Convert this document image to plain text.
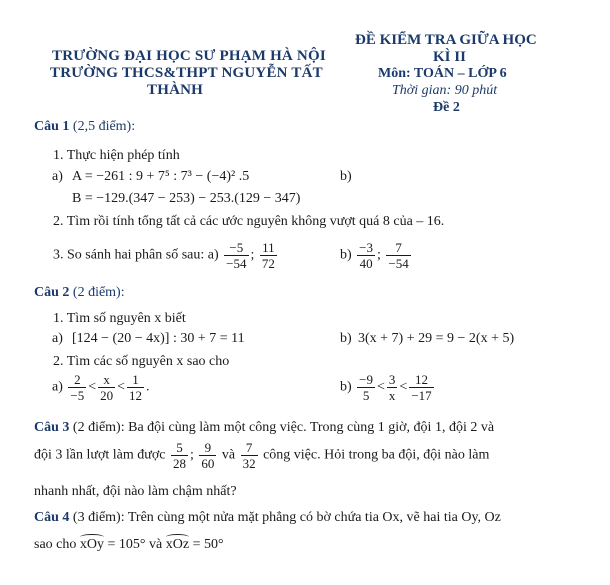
TRƯỜNG ĐẠI HỌC SƯ PHẠM HÀ NỘI
TRƯỜNG THCS&THPT NGUYỄN TẤT
THÀNH
ĐỀ KIỂM TRA GIỮA HỌC
KÌ II
Môn: TOÁN – LỚP 6
Thời gian: 90 phút
Đề 2
Câu 1 (2,5 điểm):
1. Thực hiện phép tính
a) A = −261 : 9 + 7⁵ : 7³ − (−4)² .5	b)
B = −129.(347 − 253) − 253.(129 − 347)
2. Tìm rồi tính tổng tất cả các ước nguyên không vượt quá 8 của – 16.
3. So sánh hai phân số sau: $a) \frac{-5}{-54}$ ; $\frac{11}{72}$	$b) \frac{-3}{40}$ ; $\frac{7}{-54}$
Câu 2 (2 điểm):
1. Tìm số nguyên x biết
a) [124 − (20 − 4x)] : 30 + 7 = 11	b) 3(x + 7) + 29 = 9 − 2(x + 5)
2. Tìm các số nguyên x sao cho
$a) \frac{2}{-5} < \frac{x}{20} < \frac{1}{12}$ .	$b) \frac{-9}{5} < \frac{3}{x} < \frac{12}{-17}$
Câu 3 (2 điểm): Ba đội cùng làm một công việc. Trong cùng 1 giờ, đội 1, đội 2 và
đội 3 lần lượt làm được $\frac{5}{28}$ ; $\frac{9}{60}$ và $\frac{7}{32}$ công việc. Hỏi trong ba đội, đội nào làm
nhanh nhất, đội nào làm chậm nhất?
Câu 4 (3 điểm): Trên cùng một nửa mặt phẳng có bờ chứa tia Ox, vẽ hai tia Oy, Oz
sao cho xOy = 105° và xOz = 50°
